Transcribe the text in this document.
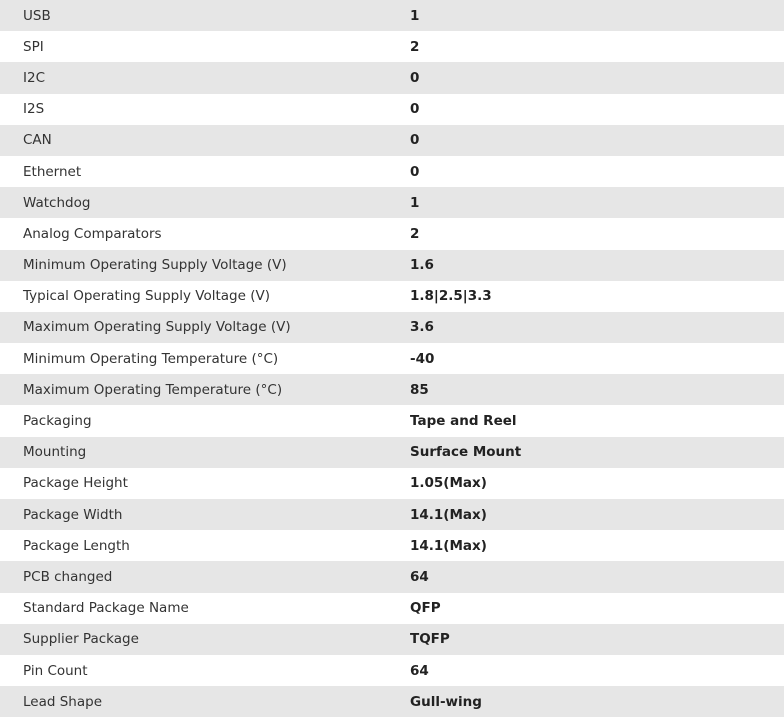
USB	1
SPI	2
I2C	0
I2S	0
CAN	0
Ethernet	0
Watchdog	1
Analog Comparators	2
Minimum Operating Supply Voltage (V)	1.6
Typical Operating Supply Voltage (V)	1.8|2.5|3.3
Maximum Operating Supply Voltage (V)	3.6
Minimum Operating Temperature (°C)	-40
Maximum Operating Temperature (°C)	85
Packaging	Tape and Reel
Mounting	Surface Mount
Package Height	1.05(Max)
Package Width	14.1(Max)
Package Length	14.1(Max)
PCB changed	64
Standard Package Name	QFP
Supplier Package	TQFP
Pin Count	64
Lead Shape	Gull-wing
